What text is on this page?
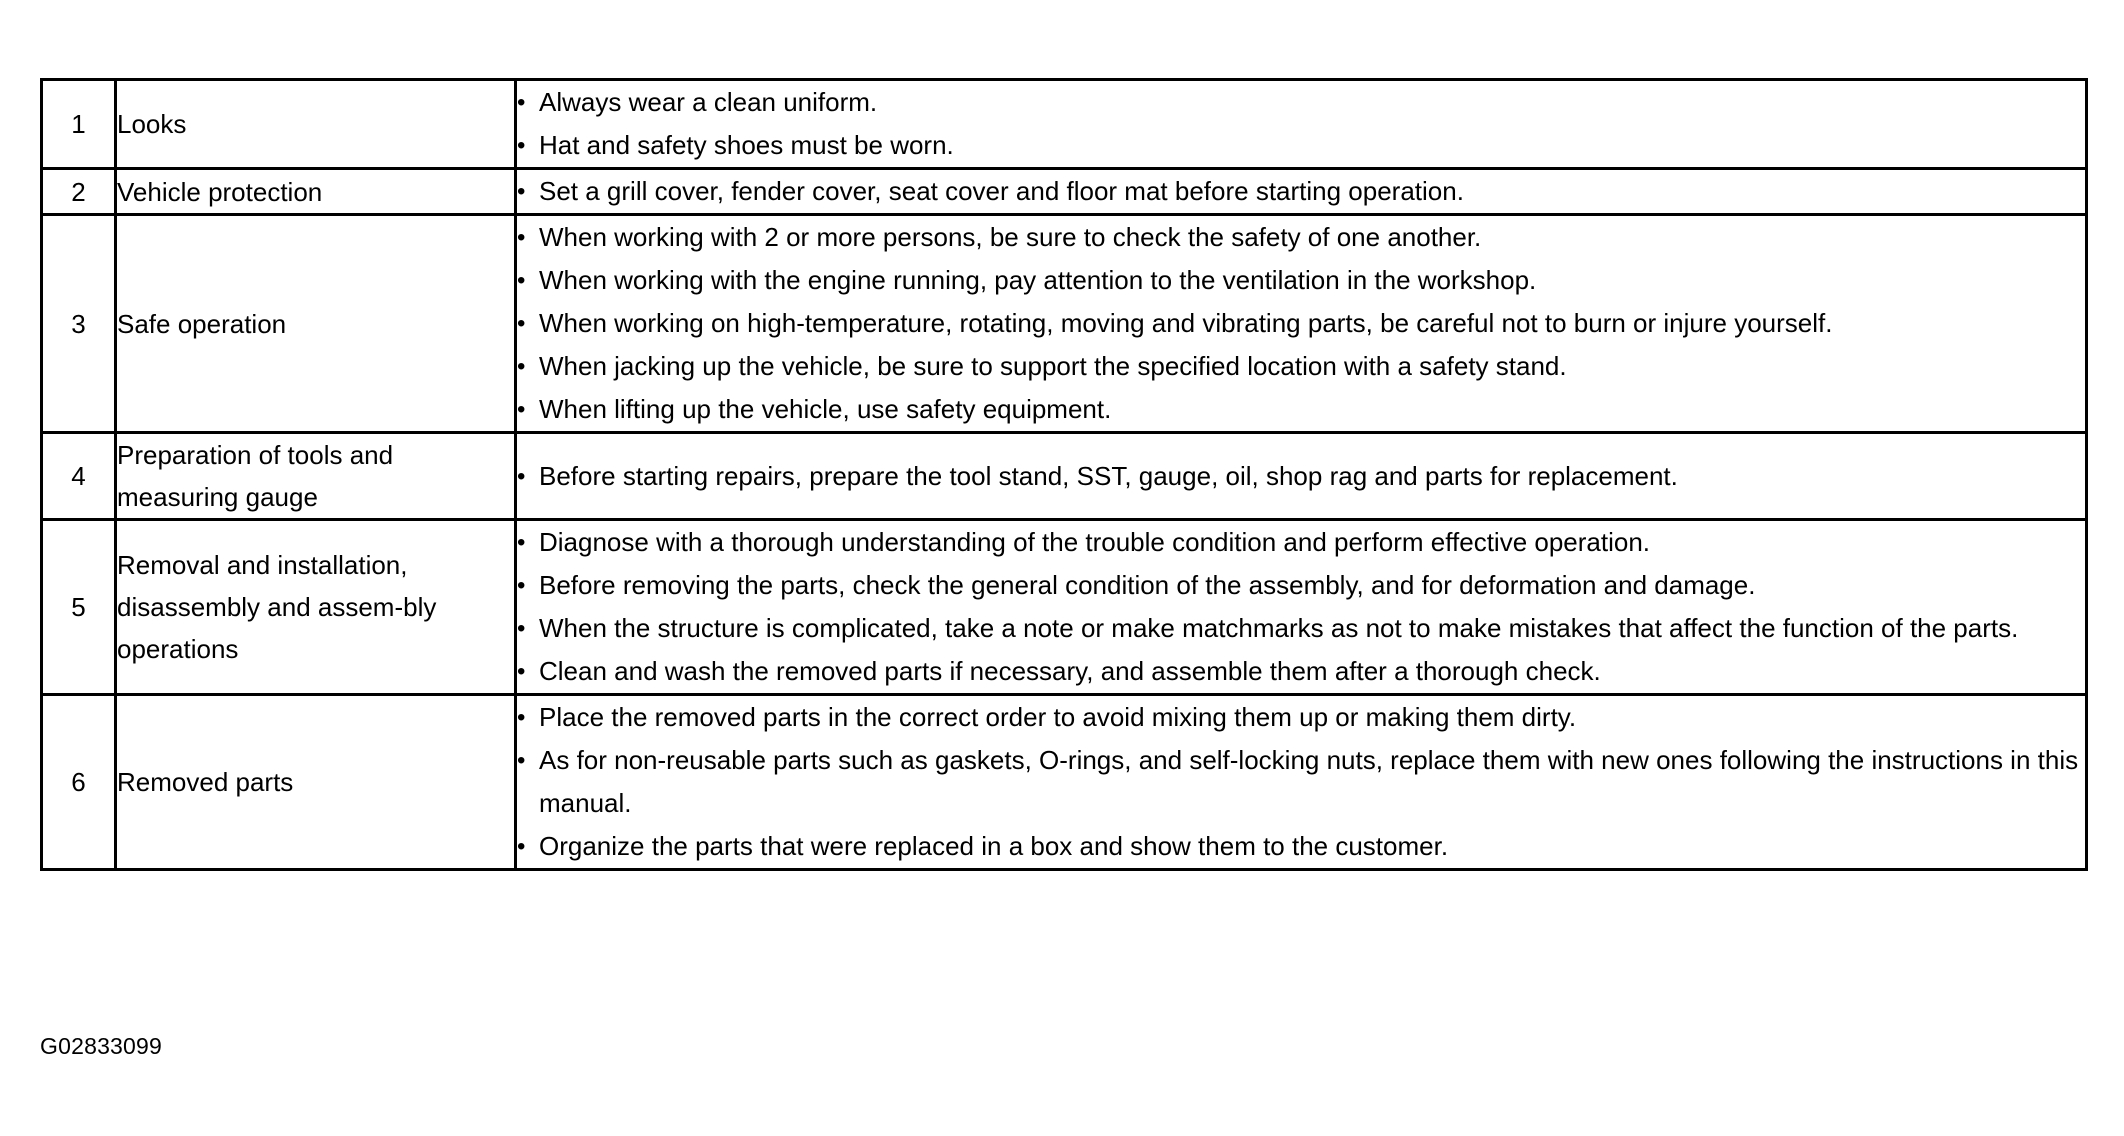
1	Looks	
• Always wear a clean uniform.
• Hat and safety shoes must be worn.

2	Vehicle protection	
•Set a grill cover, fender cover, seat cover and floor mat before starting operation.

3	Safe operation	
• When working with 2 or more persons, be sure to check the safety of one another.
• When working with the engine running, pay attention to the ventilation in the workshop.
• When working on high-temperature, rotating, moving and vibrating parts, be careful not to burn or injure yourself.
• When jacking up the vehicle, be sure to support the specified location with a safety stand.
• When lifting up the vehicle, use safety equipment.

4	Preparation of tools and measuring gauge	
• Before starting repairs, prepare the tool stand, SST, gauge, oil, shop rag and parts for replacement.

5	Removal and installation, disassembly and assem-bly operations	
• Diagnose with a thorough understanding of the trouble condition and perform effective operation.
• Before removing the parts, check the general condition of the assembly, and for deformation and damage.
• When the structure is complicated, take a note or make matchmarks as not to make mistakes that affect the function of the parts.
• Clean and wash the removed parts if necessary, and assemble them after a thorough check.

6	Removed parts	
• Place the removed parts in the correct order to avoid mixing them up or making them dirty.
• As for non-reusable parts such as gaskets, O-rings, and self-locking nuts, replace them with new ones following the instructions in this manual.
• Organize the parts that were replaced in a box and show them to the customer.
G02833099
